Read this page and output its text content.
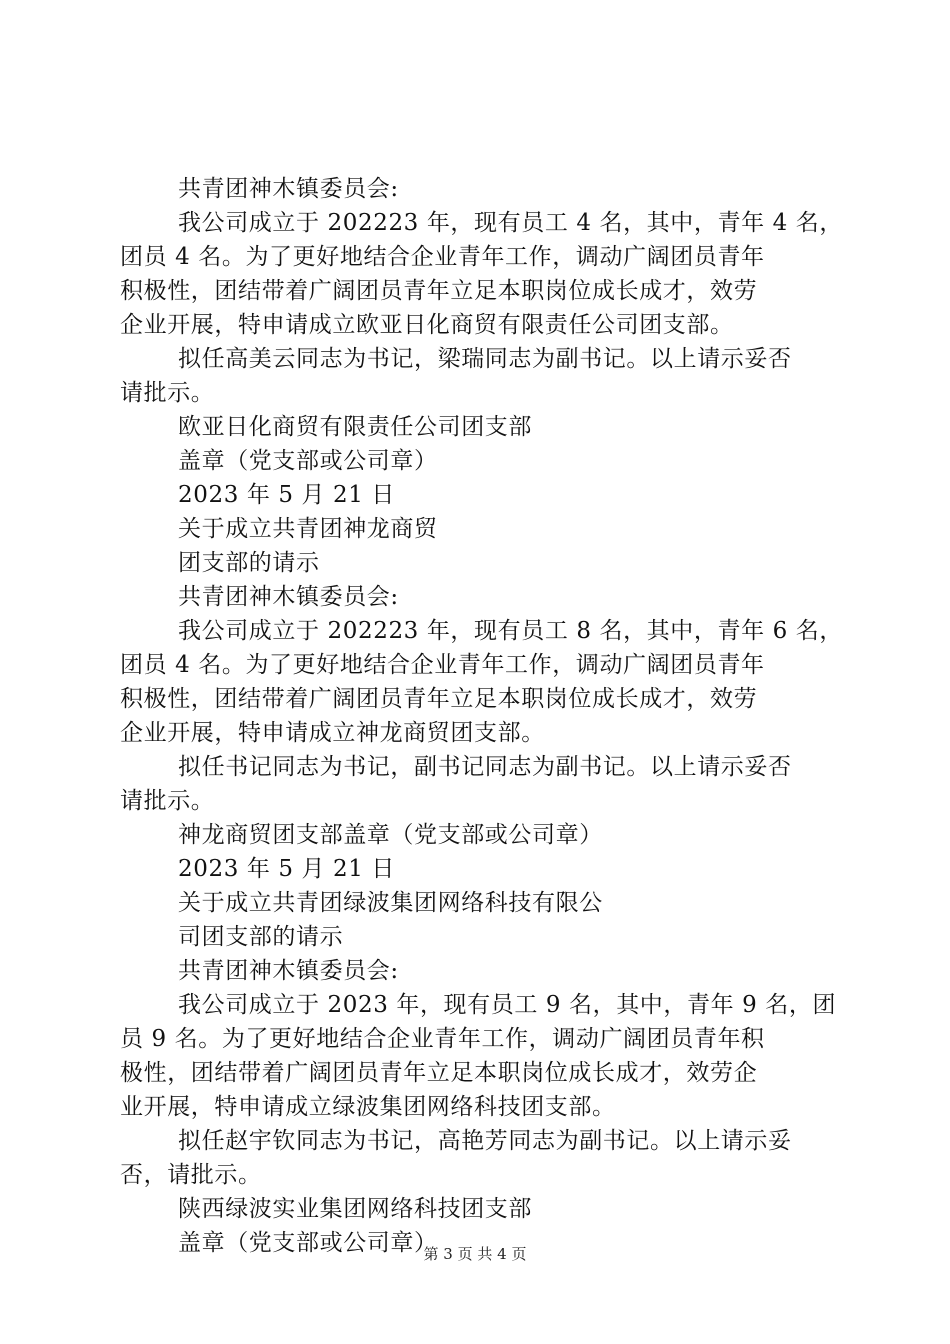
共青团神木镇委员会:
我公司成立于 202223 年，现有员工 4 名，其中，青年 4 名，
团员 4 名。为了更好地结合企业青年工作，调动广阔团员青年
积极性，团结带着广阔团员青年立足本职岗位成长成才，效劳
企业开展，特申请成立欧亚日化商贸有限责任公司团支部。
拟任高美云同志为书记，梁瑞同志为副书记。以上请示妥否
请批示。
欧亚日化商贸有限责任公司团支部
盖章（党支部或公司章）
2023 年 5 月 21 日
关于成立共青团神龙商贸
团支部的请示
共青团神木镇委员会:
我公司成立于 202223 年，现有员工 8 名，其中，青年 6 名，
团员 4 名。为了更好地结合企业青年工作，调动广阔团员青年
积极性，团结带着广阔团员青年立足本职岗位成长成才，效劳
企业开展，特申请成立神龙商贸团支部。
拟任书记同志为书记，副书记同志为副书记。以上请示妥否
请批示。
神龙商贸团支部盖章（党支部或公司章）
2023 年 5 月 21 日
关于成立共青团绿波集团网络科技有限公
司团支部的请示
共青团神木镇委员会:
我公司成立于 2023 年，现有员工 9 名，其中，青年 9 名，团
员 9 名。为了更好地结合企业青年工作，调动广阔团员青年积
极性，团结带着广阔团员青年立足本职岗位成长成才，效劳企
业开展，特申请成立绿波集团网络科技团支部。
拟任赵宇钦同志为书记，高艳芳同志为副书记。以上请示妥
否，请批示。
陕西绿波实业集团网络科技团支部
盖章（党支部或公司章）
第 3 页 共 4 页
